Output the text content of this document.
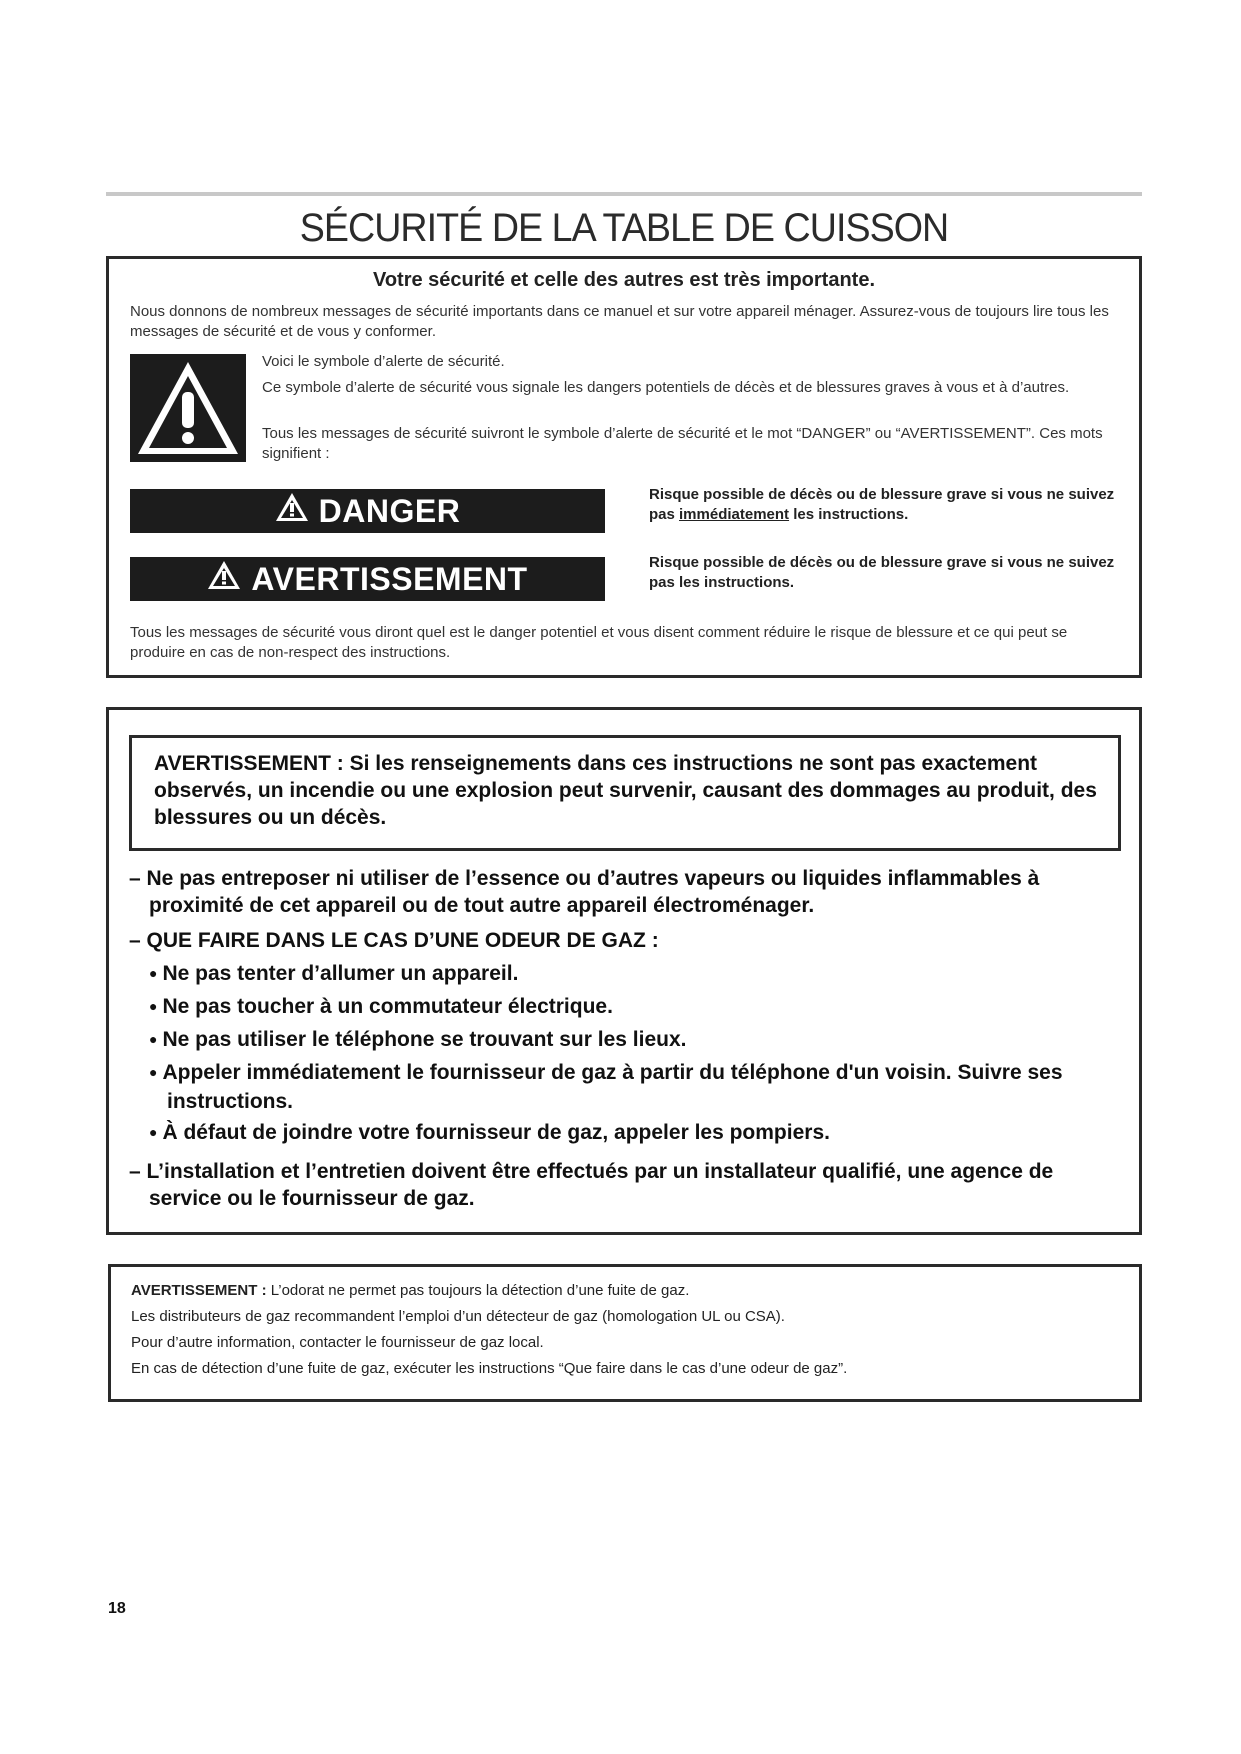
SÉCURITÉ DE LA TABLE DE CUISSON
Votre sécurité et celle des autres est très importante.
Nous donnons de nombreux messages de sécurité importants dans ce manuel et sur votre appareil ménager. Assurez-vous de toujours lire tous les messages de sécurité et de vous y conformer.
Voici le symbole d’alerte de sécurité.
Ce symbole d’alerte de sécurité vous signale les dangers potentiels de décès et de blessures graves à vous et à d’autres.
Tous les messages de sécurité suivront le symbole d’alerte de sécurité et le mot “DANGER” ou “AVERTISSEMENT”. Ces mots signifient :
DANGER	Risque possible de décès ou de blessure grave si vous ne suivez pas immédiatement les instructions.
AVERTISSEMENT	Risque possible de décès ou de blessure grave si vous ne suivez pas les instructions.
Tous les messages de sécurité vous diront quel est le danger potentiel et vous disent comment réduire le risque de blessure et ce qui peut se produire en cas de non-respect des instructions.
AVERTISSEMENT : Si les renseignements dans ces instructions ne sont pas exactement observés, un incendie ou une explosion peut survenir, causant des dommages au produit, des blessures ou un décès.
– Ne pas entreposer ni utiliser de l’essence ou d’autres vapeurs ou liquides inflammables à proximité de cet appareil ou de tout autre appareil électroménager.
– QUE FAIRE DANS LE CAS D’UNE ODEUR DE GAZ :
● Ne pas tenter d’allumer un appareil.
● Ne pas toucher à un commutateur électrique.
● Ne pas utiliser le téléphone se trouvant sur les lieux.
● Appeler immédiatement le fournisseur de gaz à partir du téléphone d'un voisin. Suivre ses instructions.
● À défaut de joindre votre fournisseur de gaz, appeler les pompiers.
– L’installation et l’entretien doivent être effectués par un installateur qualifié, une agence de service ou le fournisseur de gaz.
AVERTISSEMENT : L’odorat ne permet pas toujours la détection d’une fuite de gaz.
Les distributeurs de gaz recommandent l’emploi d’un détecteur de gaz (homologation UL ou CSA).
Pour d’autre information, contacter le fournisseur de gaz local.
En cas de détection d’une fuite de gaz, exécuter les instructions “Que faire dans le cas d’une odeur de gaz”.
18
